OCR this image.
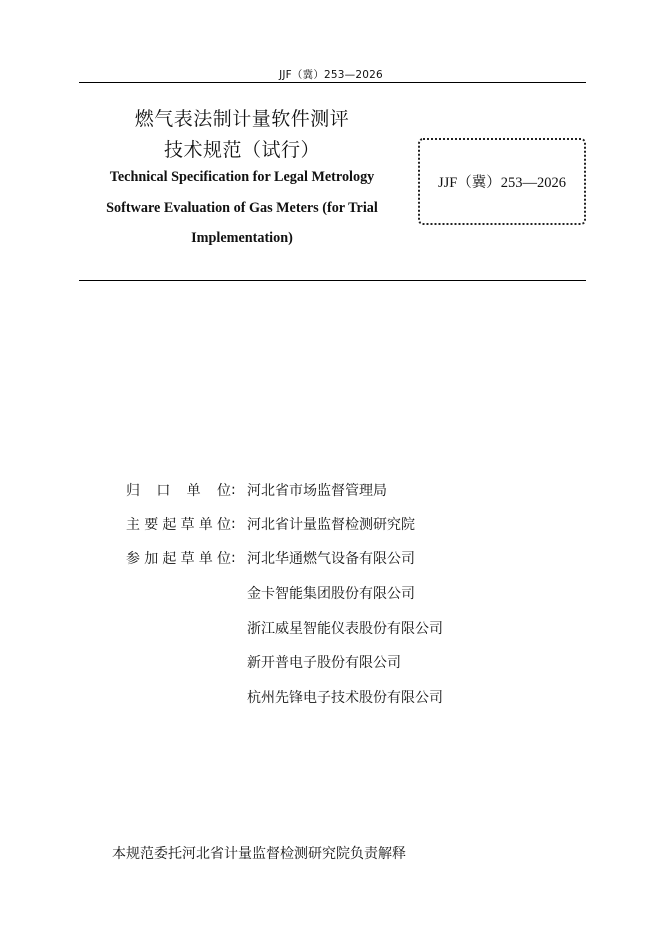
JJF（冀）253—2026
燃气表法制计量软件测评
技术规范（试行）
Technical Specification for Legal Metrology
Software Evaluation of Gas Meters (for Trial
Implementation)
JJF（冀）253—2026
归 口 单 位 : 河北省市场监督管理局
主 要 起 草 单 位 : 河北省计量监督检测研究院
参 加 起 草 单 位 : 河北华通燃气设备有限公司
金卡智能集团股份有限公司
浙江威星智能仪表股份有限公司
新开普电子股份有限公司
杭州先锋电子技术股份有限公司
本规范委托河北省计量监督检测研究院负责解释
